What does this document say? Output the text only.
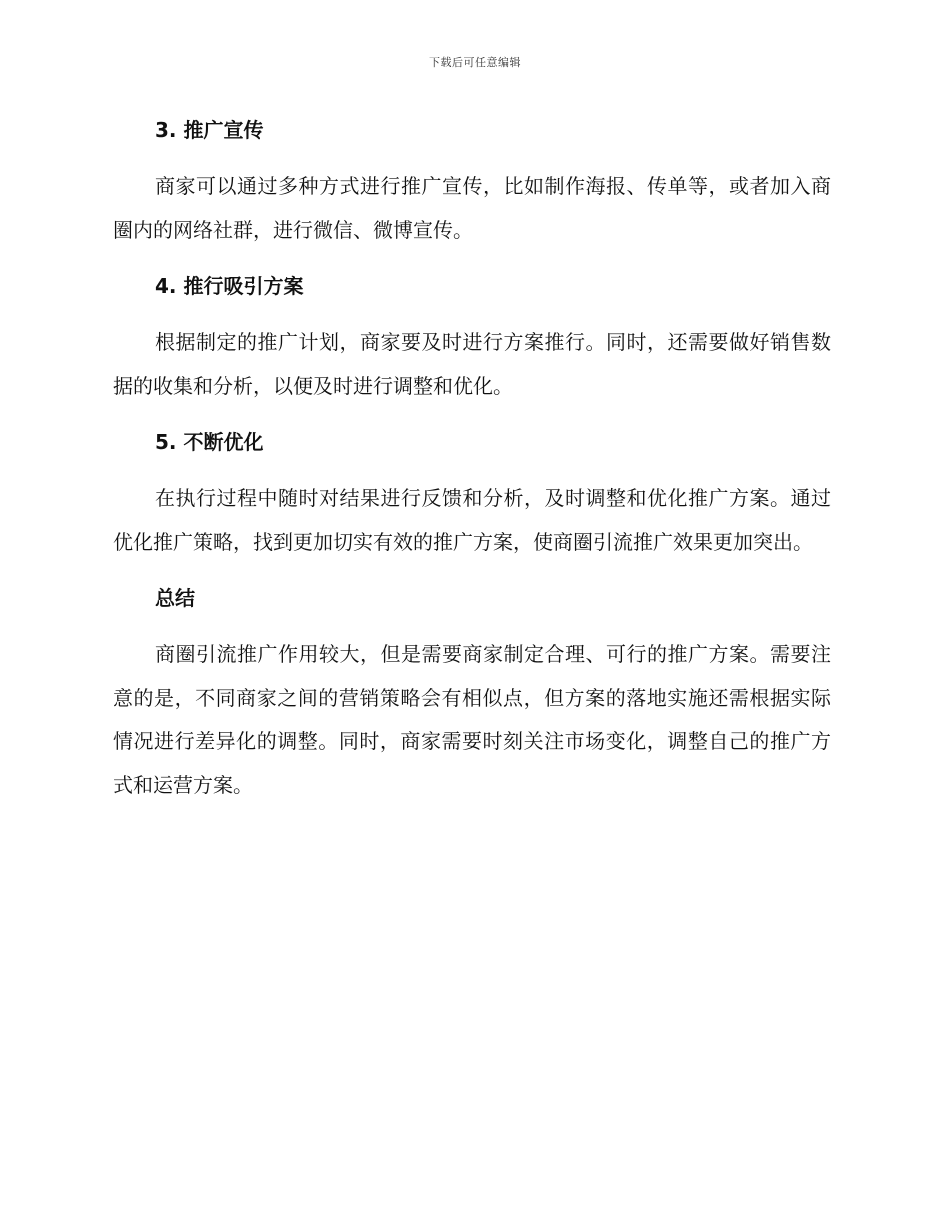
下载后可任意编辑
3. 推广宣传

商家可以通过多种方式进行推广宣传，比如制作海报、传单等，或者加入商圈内的网络社群，进行微信、微博宣传。

4. 推行吸引方案

根据制定的推广计划，商家要及时进行方案推行。同时，还需要做好销售数据的收集和分析，以便及时进行调整和优化。

5. 不断优化

在执行过程中随时对结果进行反馈和分析，及时调整和优化推广方案。通过优化推广策略，找到更加切实有效的推广方案，使商圈引流推广效果更加突出。

总结

商圈引流推广作用较大，但是需要商家制定合理、可行的推广方案。需要注意的是，不同商家之间的营销策略会有相似点，但方案的落地实施还需根据实际情况进行差异化的调整。同时，商家需要时刻关注市场变化，调整自己的推广方式和运营方案。
